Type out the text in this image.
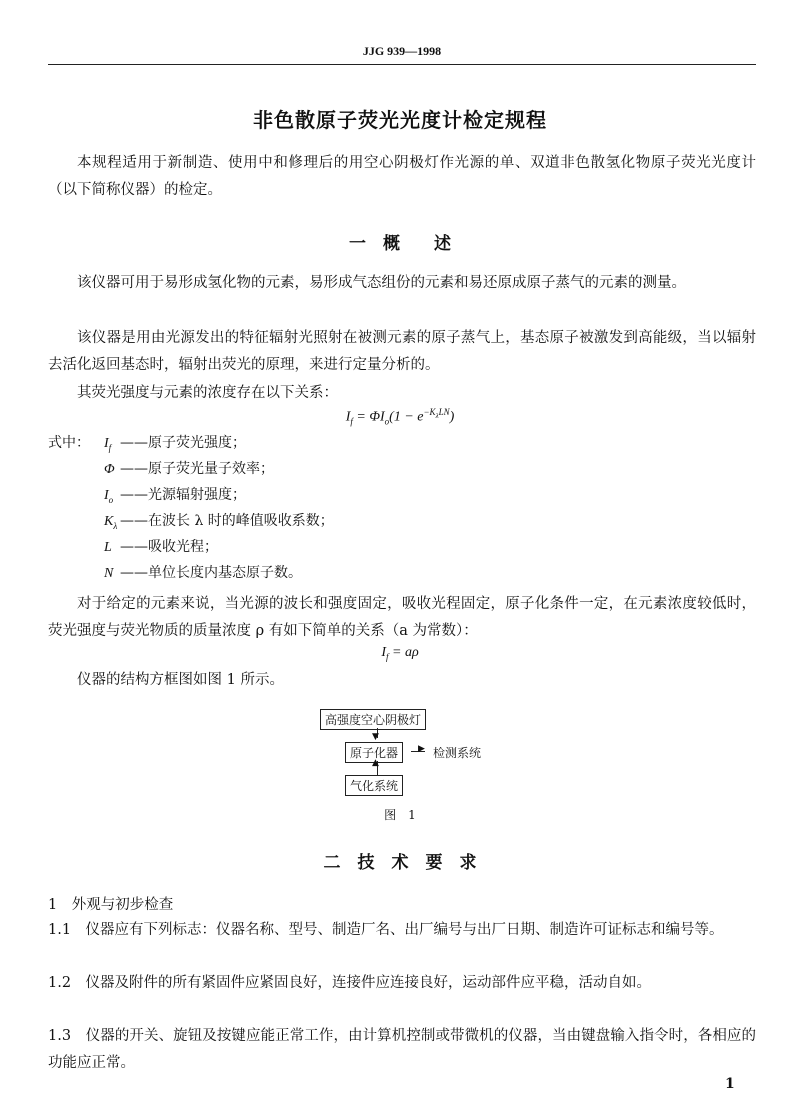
JJG 939—1998
非色散原子荧光光度计检定规程
本规程适用于新制造、使用中和修理后的用空心阴极灯作光源的单、双道非色散氢化物原子荧光光度计（以下简称仪器）的检定。
一　概　　述
该仪器可用于易形成氢化物的元素，易形成气态组份的元素和易还原成原子蒸气的元素的测量。
该仪器是用由光源发出的特征辐射光照射在被测元素的原子蒸气上，基态原子被激发到高能级，当以辐射去活化返回基态时，辐射出荧光的原理，来进行定量分析的。
其荧光强度与元素的浓度存在以下关系：
$I_f = \Phi I_o(1 - e^{-K_\lambda LN})$
式中： $I_f$ ——原子荧光强度；
Φ ——原子荧光量子效率；
$I_o$ ——光源辐射强度；
$K_\lambda$ ——在波长 λ 时的峰值吸收系数；
L ——吸收光程；
N ——单位长度内基态原子数。
对于给定的元素来说，当光源的波长和强度固定，吸收光程固定，原子化条件一定，在元素浓度较低时，荧光强度与荧光物质的质量浓度 ρ 有如下简单的关系（a 为常数）：
$I_f = a\rho$
仪器的结构方框图如图 1 所示。
高强度空心阴极灯
▼
原子化器	▶ 检测系统
▲
气化系统
图　1
二　技　术　要　求
1　外观与初步检查
1.1　仪器应有下列标志：仪器名称、型号、制造厂名、出厂编号与出厂日期、制造许可证标志和编号等。
1.2　仪器及附件的所有紧固件应紧固良好，连接件应连接良好，运动部件应平稳，活动自如。
1.3　仪器的开关、旋钮及按键应能正常工作，由计算机控制或带微机的仪器，当由键盘输入指令时，各相应的功能应正常。
1
